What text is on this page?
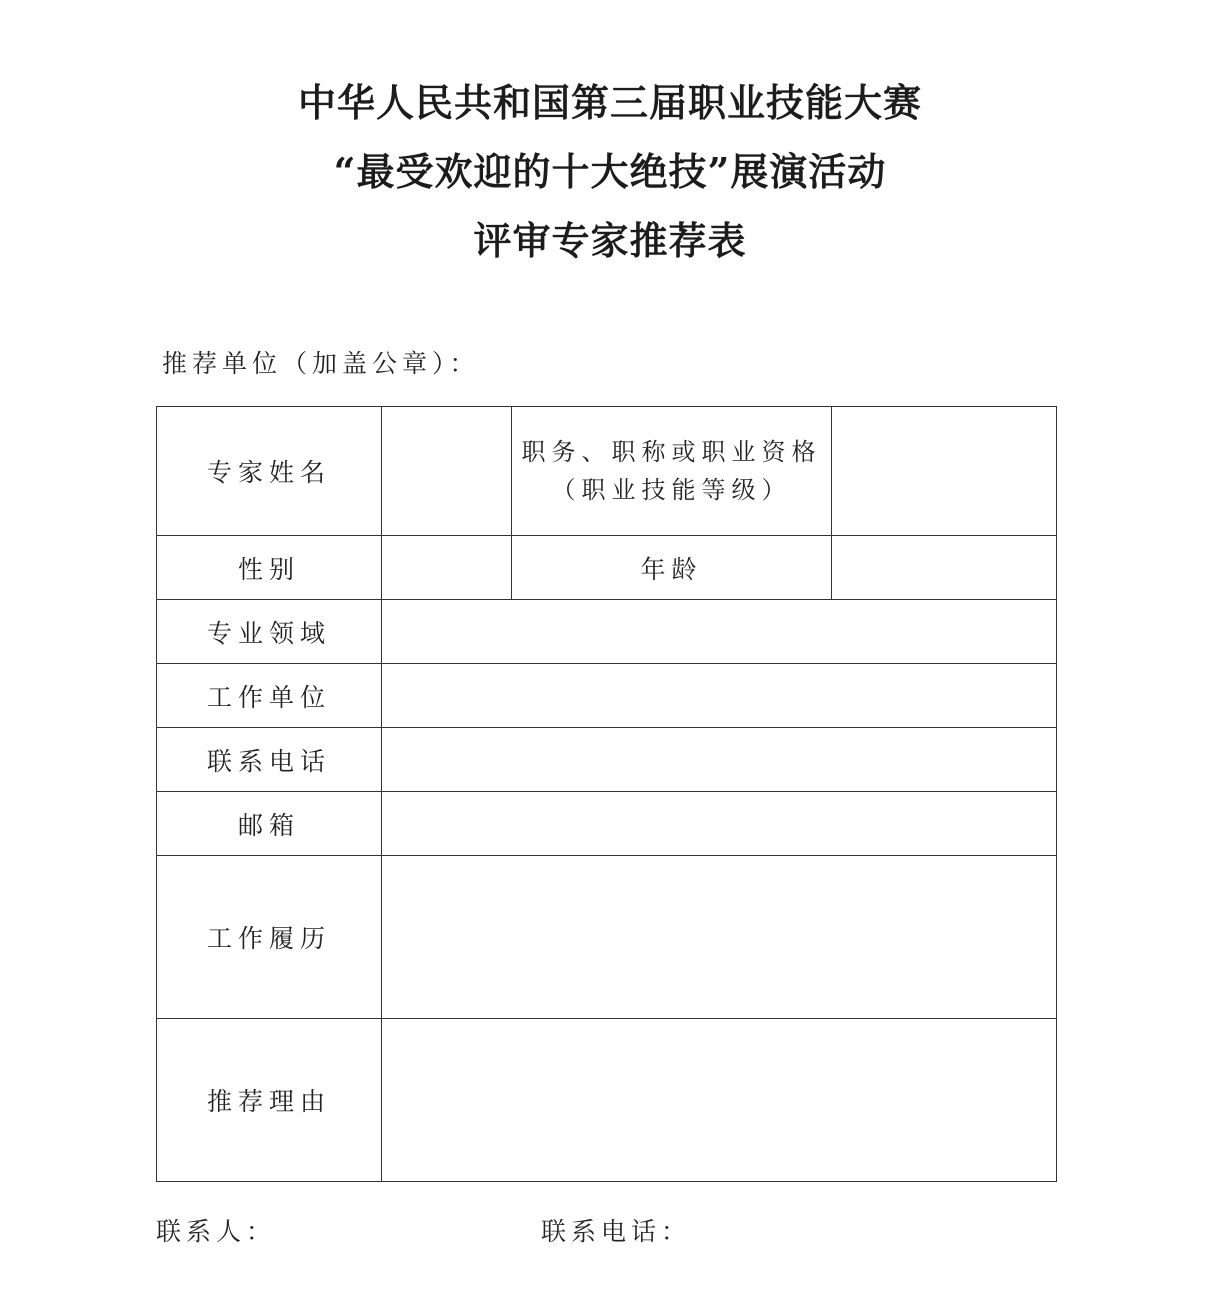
中华人民共和国第三届职业技能大赛
“最受欢迎的十大绝技”展演活动
评审专家推荐表
推荐单位（加盖公章）：
专家姓名		职务、职称或职业资格（职业技能等级）	
性别		年龄	
专业领域			
工作单位			
联系电话			
邮箱			
工作履历			
推荐理由			
联系人：	联系电话：
